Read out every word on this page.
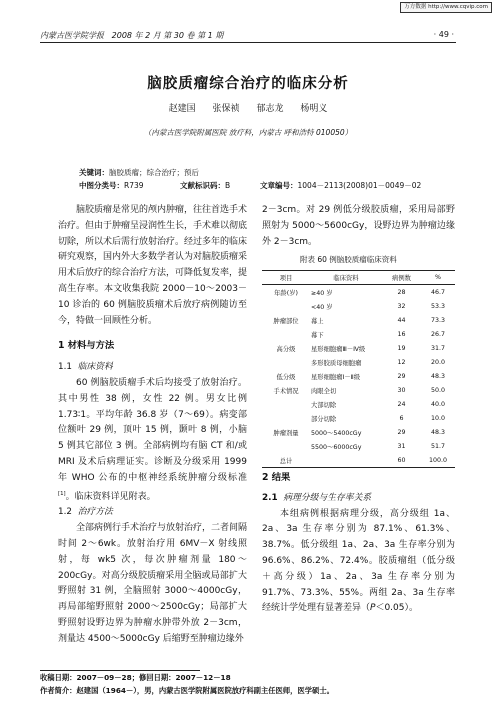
万方数据 http://www.cqvip.com
内蒙古医学院学报 2008 年 2 月 第 30 卷 第 1 期	· 49 ·
脑胶质瘤综合治疗的临床分析
赵建国 张保祯 郁志龙 杨明义
（内蒙古医学院附属医院 放疗科，内蒙古 呼和浩特 010050）
关键词：脑胶质瘤；综合治疗；预后
中图分类号：R739	文献标识码：B	文章编号：1004－2113(2008)01－0049－02

脑胶质瘤是常见的颅内肿瘤，往往首选手术治疗。但由于肿瘤呈浸润性生长，手术难以彻底切除，所以术后需行放射治疗。经过多年的临床研究观察，国内外大多数学者认为对脑胶质瘤采用术后放疗的综合治疗方法，可降低复发率，提高生存率。本文收集我院 2000－10～2003－10 诊治的 60 例脑胶质瘤术后放疗病例随访至今，特做一回顾性分析。

1 材料与方法
1.1 临床资料

60 例脑胶质瘤手术后均接受了放射治疗。其中男性 38 例，女性 22 例。男女比例 1.73∶1。平均年龄 36.8 岁（7～69）。病变部位额叶 29 例，顶叶 15 例，颞叶 8 例，小脑 5 例其它部位 3 例。全部病例均有脑 CT 和/或 MRI 及术后病理证实。诊断及分级采用 1999 年 WHO 公布的中枢神经系统肿瘤分级标准[1]。临床资料详见附表。

1.2 治疗方法

全部病例行手术治疗与放射治疗，二者间隔时间 2～6wk。放射治疗用 6MV－X 射线照射，每 wk5 次，每次肿瘤剂量 180～200cGy。对高分级胶质瘤采用全脑或局部扩大野照射 31 例，全脑照射 3000～4000cGy，再局部缩野照射 2000～2500cGy；局部扩大野照射设野边界为肿瘤水肿带外放 2－3cm，剂量达 4500～5000cGy 后缩野至肿瘤边缘外

2－3cm。对 29 例低分级胶质瘤，采用局部野照射为 5000～5600cGy，设野边界为肿瘤边缘外 2－3cm。

附表 60 例脑胶质瘤临床资料
项目	临床资料	病例数	%
年龄(岁)	≥40 岁	28	46.7
	<40 岁	32	53.3
肿瘤部位	幕上	44	73.3
	幕下	16	26.7
高分级	星形细胞瘤Ⅲ－Ⅳ级	19	31.7
	多形胶质母细胞瘤	12	20.0
低分级	星形细胞瘤Ⅰ－Ⅱ级	29	48.3
手术情况	肉眼全切	30	50.0
	大部切除	24	40.0
	部分切除	6	10.0
肿瘤剂量	5000～5400cGy	29	48.3
	5500～6000cGy	31	51.7
总计		60	100.0
2 结果
2.1 病理分级与生存率关系

本组病例根据病理分级，高分级组 1a、2a、3a 生存率分别为 87.1%、61.3%、38.7%。低分级组 1a、2a、3a 生存率分别为 96.6%、86.2%、72.4%。胶质瘤组（低分级＋高分级）1a、2a、3a 生存率分别为 91.7%、73.3%、55%。两组 2a、3a 生存率经统计学处理有显著差异（P＜0.05）。

收稿日期：2007－09－28；修回日期：2007－12－18
作者简介：赵建国（1964－），男，内蒙古医学院附属医院放疗科副主任医师，医学硕士。
